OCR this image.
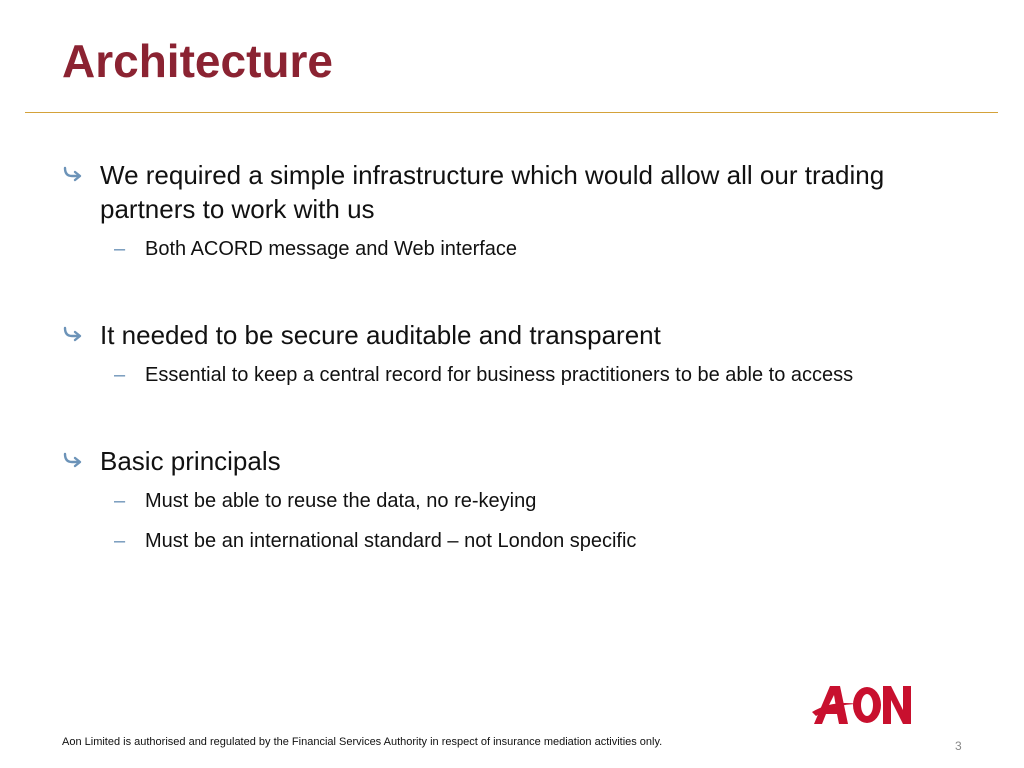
Architecture
We required a simple infrastructure which would allow all our trading partners to work with us
– Both ACORD message and Web interface
It needed to be secure auditable and transparent
– Essential to keep a central record for business practitioners to be able to access
Basic principals
– Must be able to reuse the data, no re-keying
– Must be an international standard – not London specific
Aon Limited is authorised and regulated by the Financial Services Authority in respect of insurance mediation activities only.	3
